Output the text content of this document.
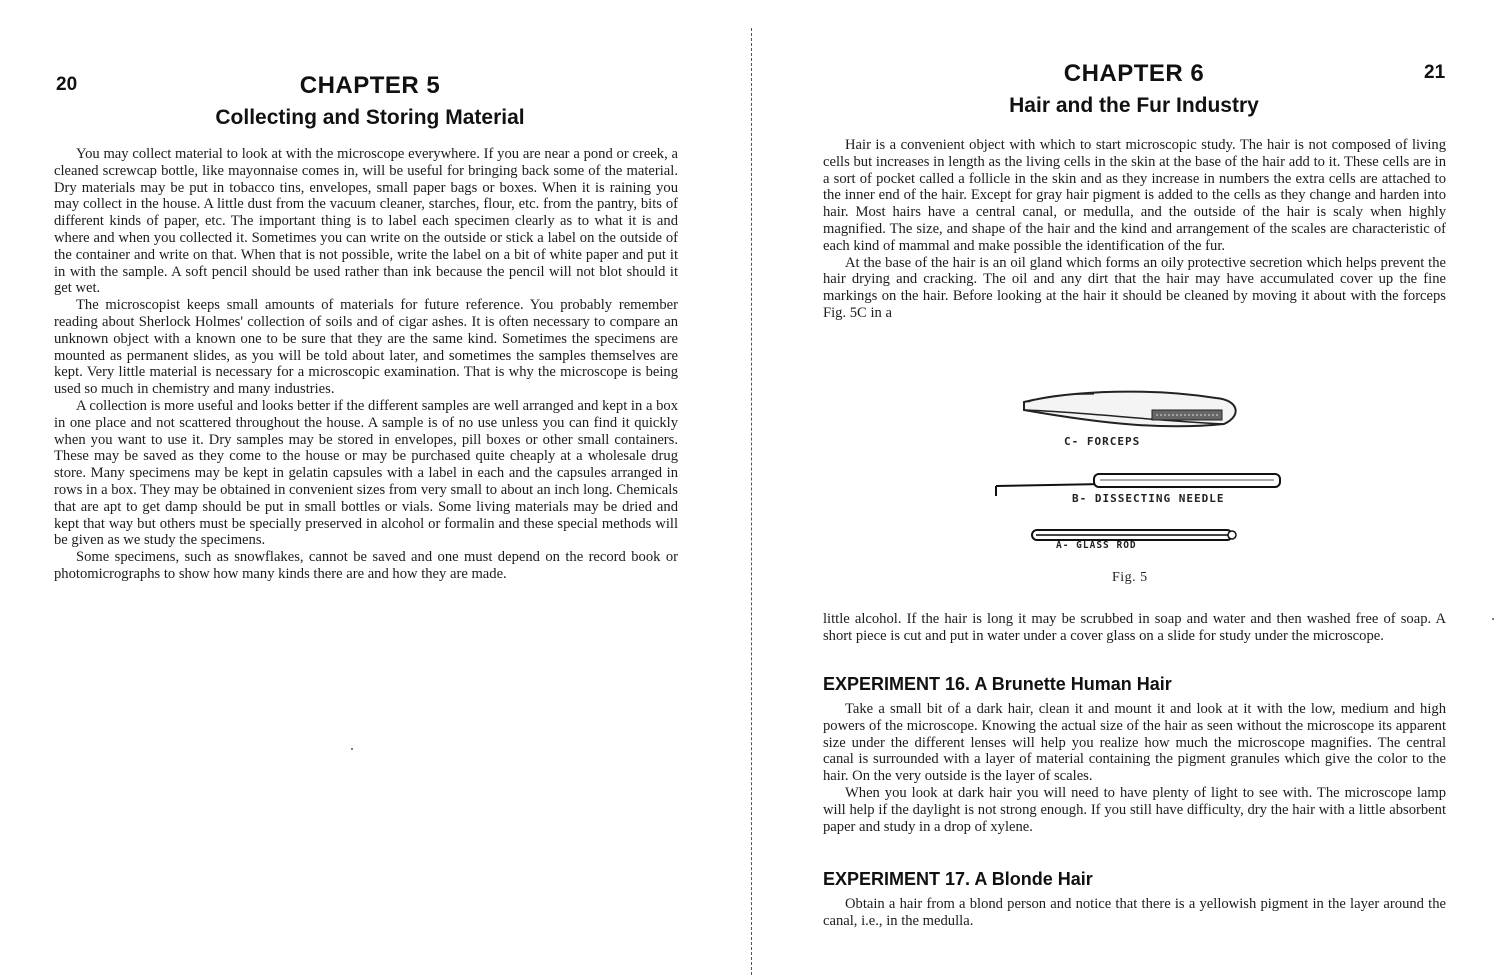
20	CHAPTER 5
Collecting and Storing Material

You may collect material to look at with the microscope everywhere. If you are near a pond or creek, a cleaned screwcap bottle, like mayonnaise comes in, will be useful for bringing back some of the material. Dry materials may be put in tobacco tins, envelopes, small paper bags or boxes. When it is raining you may collect in the house. A little dust from the vacuum cleaner, starches, flour, etc. from the pantry, bits of different kinds of paper, etc. The important thing is to label each specimen clearly as to what it is and where and when you collected it. Sometimes you can write on the outside or stick a label on the outside of the container and write on that. When that is not possible, write the label on a bit of white paper and put it in with the sample. A soft pencil should be used rather than ink because the pencil will not blot should it get wet.

The microscopist keeps small amounts of materials for future reference. You probably remember reading about Sherlock Holmes' collection of soils and of cigar ashes. It is often necessary to compare an unknown object with a known one to be sure that they are the same kind. Sometimes the specimens are mounted as permanent slides, as you will be told about later, and sometimes the samples themselves are kept. Very little material is necessary for a microscopic examination. That is why the microscope is being used so much in chemistry and many industries.

A collection is more useful and looks better if the different samples are well arranged and kept in a box in one place and not scattered throughout the house. A sample is of no use unless you can find it quickly when you want to use it. Dry samples may be stored in envelopes, pill boxes or other small containers. These may be saved as they come to the house or may be purchased quite cheaply at a wholesale drug store. Many specimens may be kept in gelatin capsules with a label in each and the capsules arranged in rows in a box. They may be obtained in convenient sizes from very small to about an inch long. Chemicals that are apt to get damp should be put in small bottles or vials. Some living materials may be dried and kept that way but others must be specially preserved in alcohol or formalin and these special methods will be given as we study the specimens.

Some specimens, such as snowflakes, cannot be saved and one must depend on the record book or photomicrographs to show how many kinds there are and how they are made.

21
CHAPTER 6
Hair and the Fur Industry

Hair is a convenient object with which to start microscopic study. The hair is not composed of living cells but increases in length as the living cells in the skin at the base of the hair add to it. These cells are in a sort of pocket called a follicle in the skin and as they increase in numbers the extra cells are attached to the inner end of the hair. Except for gray hair pigment is added to the cells as they change and harden into hair. Most hairs have a central canal, or medulla, and the outside of the hair is scaly when highly magnified. The size, and shape of the hair and the kind and arrangement of the scales are characteristic of each kind of mammal and make possible the identification of the fur.

At the base of the hair is an oil gland which forms an oily protective secretion which helps prevent the hair drying and cracking. The oil and any dirt that the hair may have accumulated cover up the fine markings on the hair. Before looking at the hair it should be cleaned by moving it about with the forceps Fig. 5C in a

C- FORCEPS
B- DISSECTING NEEDLE
A- GLASS ROD
Fig. 5

little alcohol. If the hair is long it may be scrubbed in soap and water and then washed free of soap. A short piece is cut and put in water under a cover glass on a slide for study under the microscope.

EXPERIMENT 16. A Brunette Human Hair

Take a small bit of a dark hair, clean it and mount it and look at it with the low, medium and high powers of the microscope. Knowing the actual size of the hair as seen without the microscope its apparent size under the different lenses will help you realize how much the microscope magnifies. The central canal is surrounded with a layer of material containing the pigment granules which give the color to the hair. On the very outside is the layer of scales.

When you look at dark hair you will need to have plenty of light to see with. The microscope lamp will help if the daylight is not strong enough. If you still have difficulty, dry the hair with a little absorbent paper and study in a drop of xylene.

EXPERIMENT 17. A Blonde Hair

Obtain a hair from a blond person and notice that there is a yellowish pigment in the layer around the canal, i.e., in the medulla.
